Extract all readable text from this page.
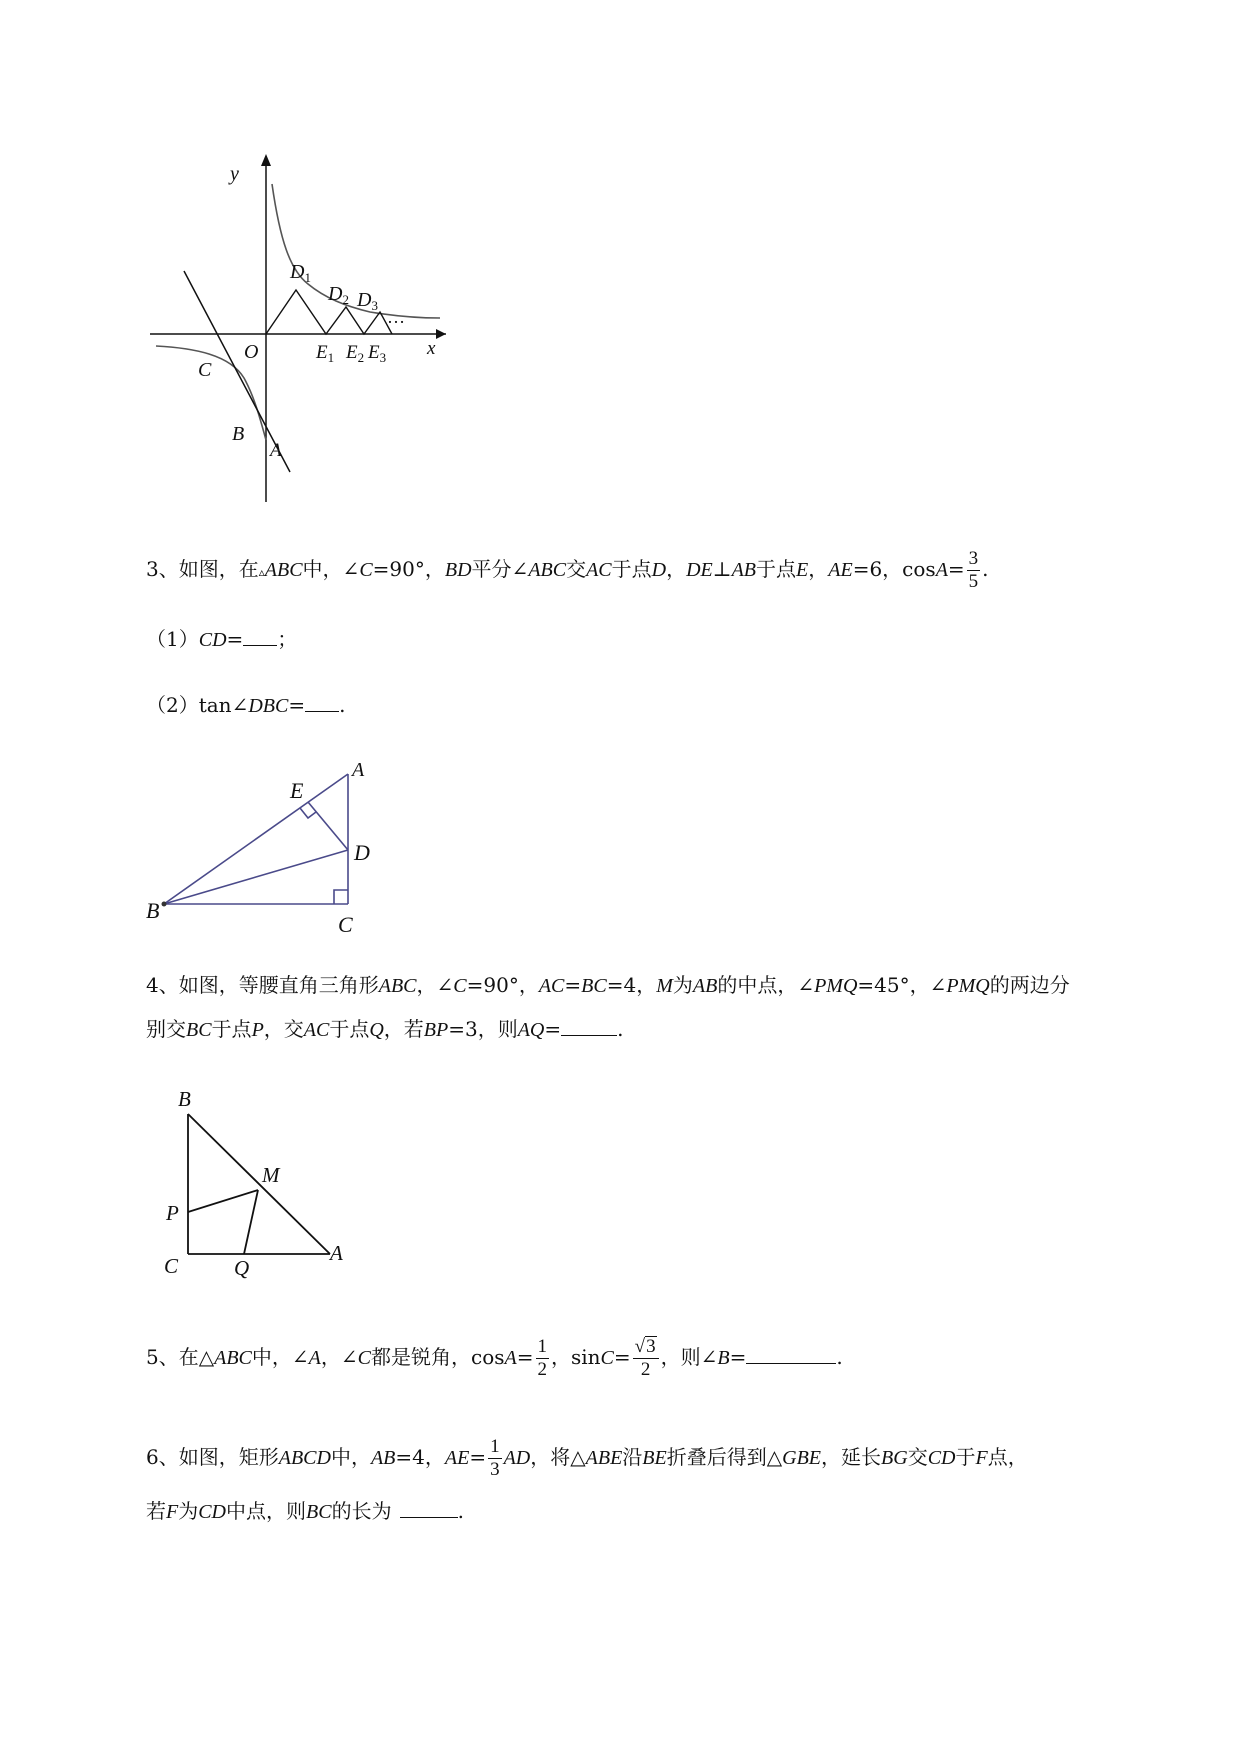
y
x
O
$D_1$
$D_2$ $D_3$
…
$E_1$ $E_2$ $E_3$
C
B
A
3、如图，在▵ABC中，∠C=90°，BD平分∠ABC交AC于点D，DE⊥AB于点E，AE=6，$\cos A= \frac{3}{5}$ .
（1）CD= ；
（2）tan∠DBC= .
A
E
D
B
C
4、如图，等腰直角三角形ABC，∠C=90°，AC=BC=4，M为AB的中点，∠PMQ=45°，∠PMQ的两边分
别交BC于点P，交AC于点Q，若BP=3，则AQ=	.
B
M
P
C	Q
A
5、在△ABC中，∠A，∠C都是锐角，$\cos A= \frac{1}{2}$ ，$\sin C= \frac{√ 3}{2}$ ，则∠B=	.
6、如图，矩形ABCD中，AB=4，$AE= \frac{1}{3}$ AD，将△ABE沿BE折叠后得到△GBE，延长BG交CD于F点，
若F为CD中点，则BC的长为	.
